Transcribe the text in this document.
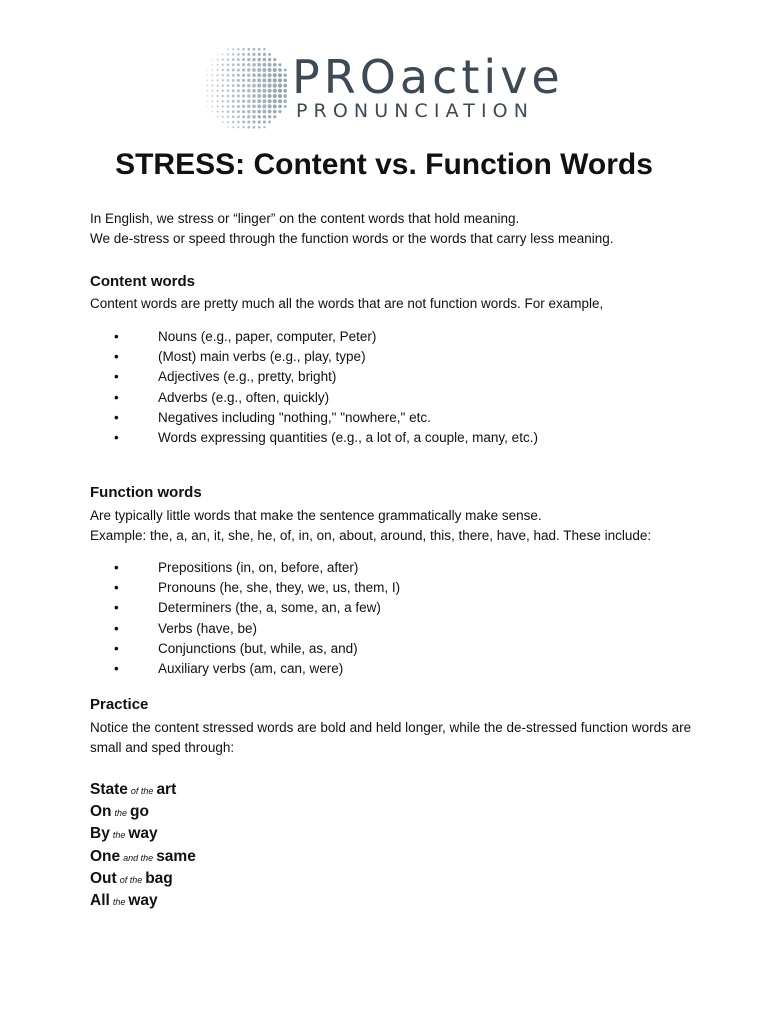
PROactive
PRONUNCIATION
STRESS: Content vs. Function Words

In English, we stress or “linger” on the content words that hold meaning.

We de-stress or speed through the function words or the words that carry less meaning.

Content words

Content words are pretty much all the words that are not function words. For example,

•	Nouns (e.g., paper, computer, Peter)
•	(Most) main verbs (e.g., play, type)
•	Adjectives (e.g., pretty, bright)
•	Adverbs (e.g., often, quickly)
•	Negatives including "nothing," "nowhere," etc.
•	Words expressing quantities (e.g., a lot of, a couple, many, etc.)
Function words

Are typically little words that make the sentence grammatically make sense.

Example: the, a, an, it, she, he, of, in, on, about, around, this, there, have, had. These include:

•	Prepositions (in, on, before, after)
•	Pronouns (he, she, they, we, us, them, I)
•	Determiners (the, a, some, an, a few)
•	Verbs (have, be)
•	Conjunctions (but, while, as, and)
•	Auxiliary verbs (am, can, were)
Practice

Notice the content stressed words are bold and held longer, while the de-stressed function words are

small and sped through:

State of the art
On the go
By the way
One and the same
Out of the bag
All the way
